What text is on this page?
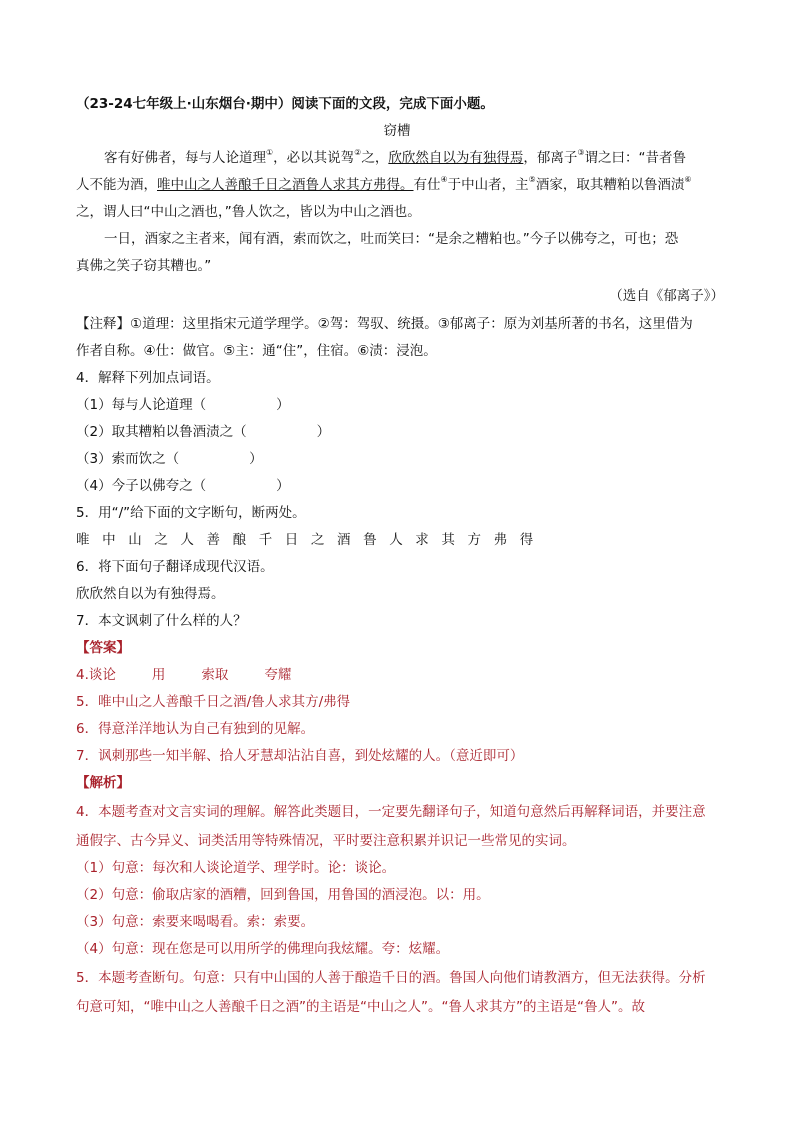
（23-24七年级上·山东烟台·期中）阅读下面的文段，完成下面小题。
窃槽
客有好佛者，每与人论道理①，必以其说驾②之，欣欣然自以为有独得焉，郁离子③谓之曰：“昔者鲁
人不能为酒，唯中山之人善酿千日之酒鲁人求其方弗得。有仕④于中山者，主⑤酒家，取其糟粕以鲁酒渍⑥
之，谓人曰“中山之酒也，”鲁人饮之，皆以为中山之酒也。
一日，酒家之主者来，闻有酒，索而饮之，吐而笑曰：“是余之糟粕也。”今子以佛夸之，可也；恐
真佛之笑子窃其糟也。”
（选自《郁离子》）
【注释】①道理：这里指宋元道学理学。②驾：驾驭、统摄。③郁离子：原为刘基所著的书名，这里借为
作者自称。④仕：做官。⑤主：通“住”，住宿。⑥渍：浸泡。
4．解释下列加点词语。
（1）每与人论道理（	）
（2）取其糟粕以鲁酒渍之（	）
（3）索而饮之（	）
（4）今子以佛夸之（	）
5．用“/”给下面的文字断句，断两处。
唯中山之人善酿千日之酒鲁人求其方弗得
6．将下面句子翻译成现代汉语。
欣欣然自以为有独得焉。
7．本文讽刺了什么样的人？
【答案】
4.谈论	用	索取	夸耀
5．唯中山之人善酿千日之酒/鲁人求其方/弗得
6．得意洋洋地认为自己有独到的见解。
7．讽刺那些一知半解、拾人牙慧却沾沾自喜，到处炫耀的人。（意近即可）
【解析】
4．本题考查对文言实词的理解。解答此类题目，一定要先翻译句子，知道句意然后再解释词语，并要注意
通假字、古今异义、词类活用等特殊情况，平时要注意积累并识记一些常见的实词。
（1）句意：每次和人谈论道学、理学时。论：谈论。
（2）句意：偷取店家的酒糟，回到鲁国，用鲁国的酒浸泡。以：用。
（3）句意：索要来喝喝看。索：索要。
（4）句意：现在您是可以用所学的佛理向我炫耀。夸：炫耀。
5．本题考查断句。句意：只有中山国的人善于酿造千日的酒。鲁国人向他们请教酒方，但无法获得。分析
句意可知，“唯中山之人善酿千日之酒”的主语是“中山之人”。“鲁人求其方”的主语是“鲁人”。故
